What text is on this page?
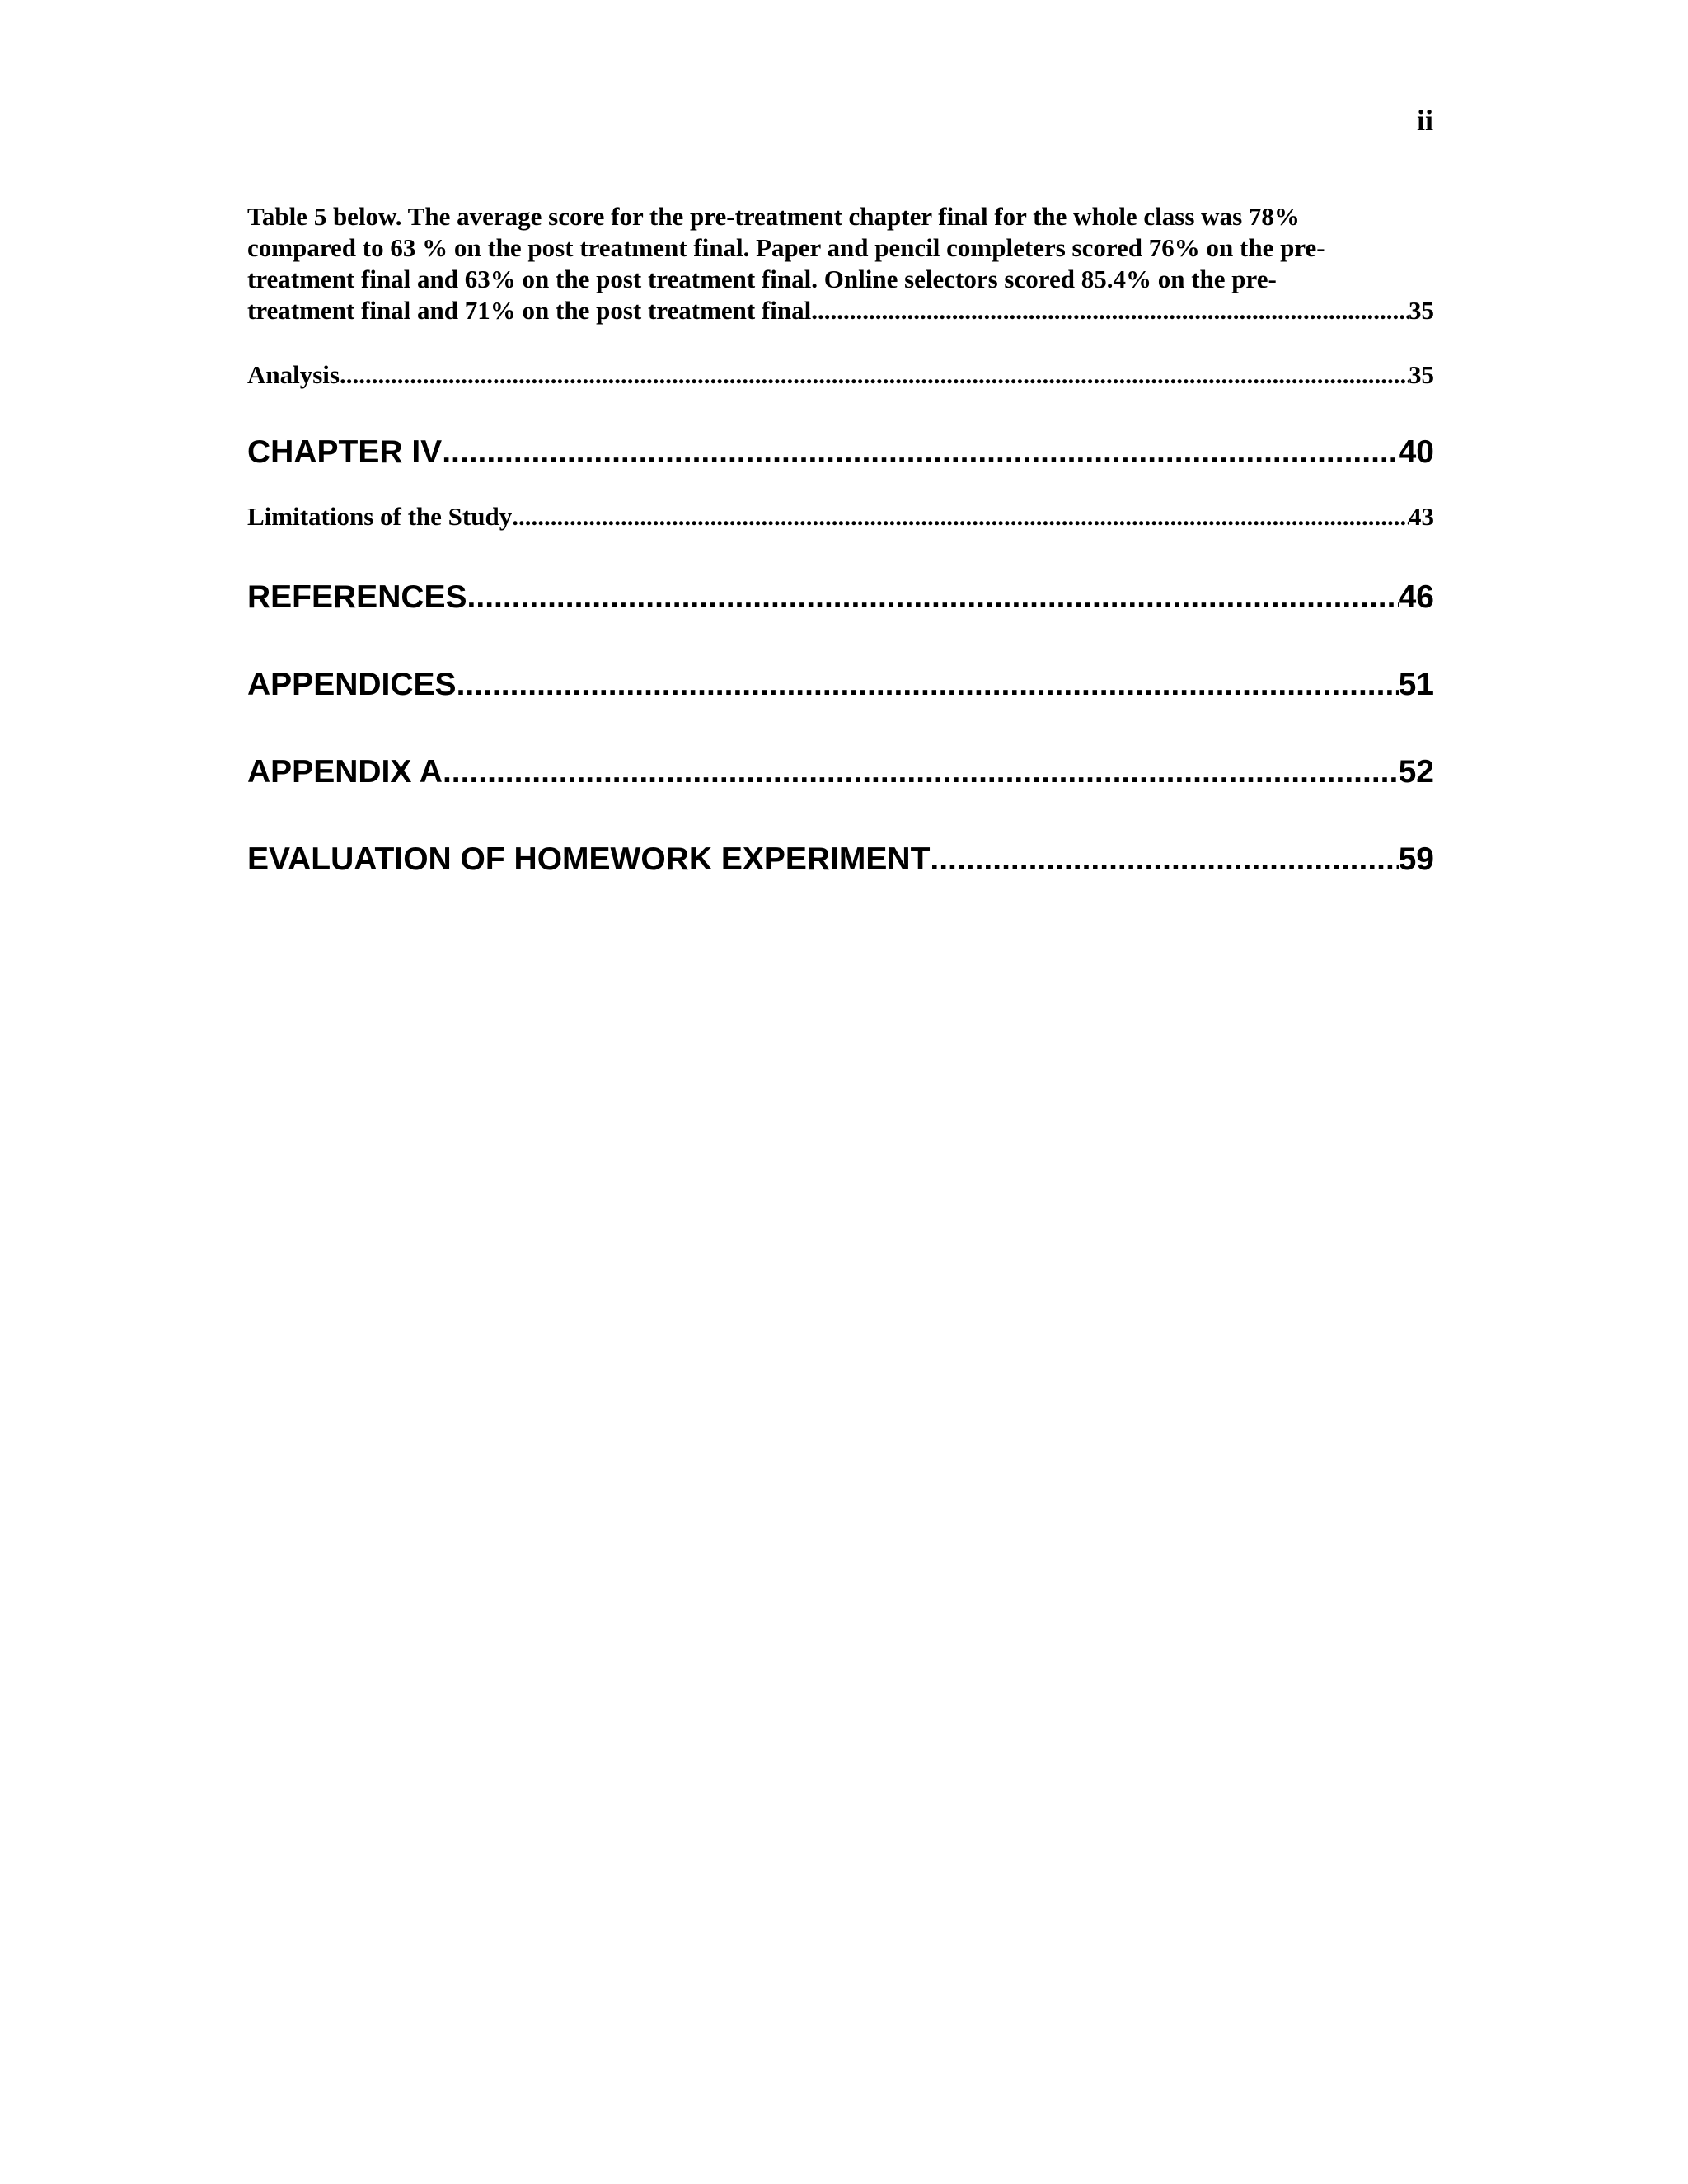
ii
Table 5 below. The average score for the pre-treatment chapter final for the whole class was 78%
compared to 63 % on the post treatment final. Paper and pencil completers scored 76% on the pre-
treatment final and 63% on the post treatment final. Online selectors scored 85.4% on the pre-
treatment final and 71% on the post treatment final .....	35
Analysis .....	35
CHAPTER IV .....	40
Limitations of the Study .....	43
REFERENCES .....	46
APPENDICES .....	51
APPENDIX A .....	52
EVALUATION OF HOMEWORK EXPERIMENT .....	59
